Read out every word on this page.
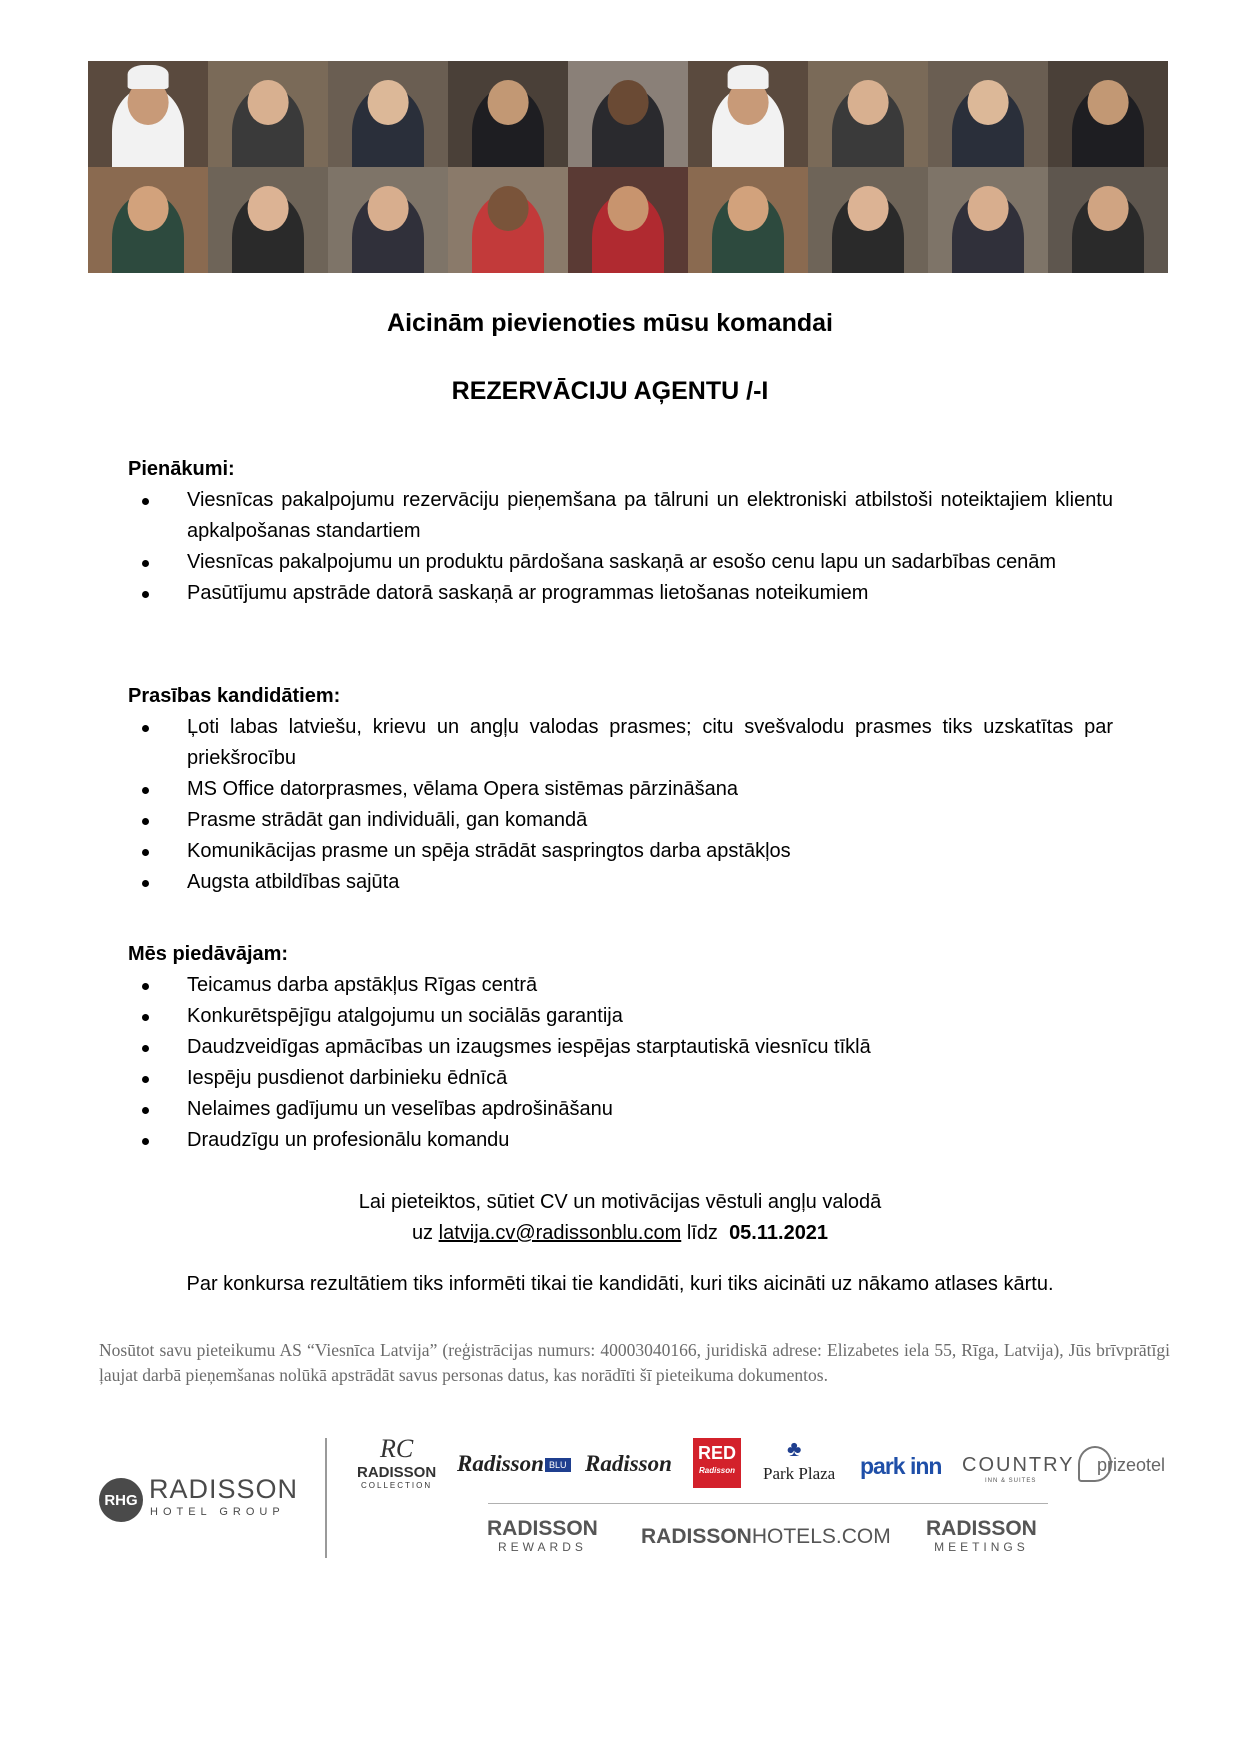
Aicinām pievienoties mūsu komandai
REZERVĀCIJU AĢENTU /-I
Pienākumi:
Viesnīcas pakalpojumu rezervāciju pieņemšana pa tālruni un elektroniski atbilstoši noteiktajiem klientu apkalpošanas standartiem
Viesnīcas pakalpojumu un produktu pārdošana saskaņā ar esošo cenu lapu un sadarbības cenām
Pasūtījumu apstrāde datorā saskaņā ar programmas lietošanas noteikumiem
Prasības kandidātiem:
Ļoti labas latviešu, krievu un angļu valodas prasmes; citu svešvalodu prasmes tiks uzskatītas par priekšrocību
MS Office datorprasmes, vēlama Opera sistēmas pārzināšana
Prasme strādāt gan individuāli, gan komandā
Komunikācijas prasme un spēja strādāt saspringtos darba apstākļos
Augsta atbildības sajūta
Mēs piedāvājam:
Teicamus darba apstākļus Rīgas centrā
Konkurētspējīgu atalgojumu un sociālās garantija
Daudzveidīgas apmācības un izaugsmes iespējas starptautiskā viesnīcu tīklā
Iespēju pusdienot darbinieku ēdnīcā
Nelaimes gadījumu un veselības apdrošināšanu
Draudzīgu un profesionālu komandu
Lai pieteiktos, sūtiet CV un motivācijas vēstuli angļu valodā
uz latvija.cv@radissonblu.com līdz 05.11.2021
Par konkursa rezultātiem tiks informēti tikai tie kandidāti, kuri tiks aicināti uz nākamo atlases kārtu.
Nosūtot savu pieteikumu AS “Viesnīca Latvija” (reģistrācijas numurs: 40003040166, juridiskā adrese: Elizabetes iela 55, Rīga, Latvija), Jūs brīvprātīgi ļaujat darbā pieņemšanas nolūkā apstrādāt savus personas datus, kas norādīti šī pieteikuma dokumentos.
RHG RADISSON
HOTEL GROUP
RC
RADISSON
COLLECTION
Radisson BLU Radisson RED
Radisson
♣
Park Plaza park inn COUNTRY
INN & SUITES
prizeotel
RADISSON
REWARDS	RADISSONHOTELS.COM RADISSON
MEETINGS
